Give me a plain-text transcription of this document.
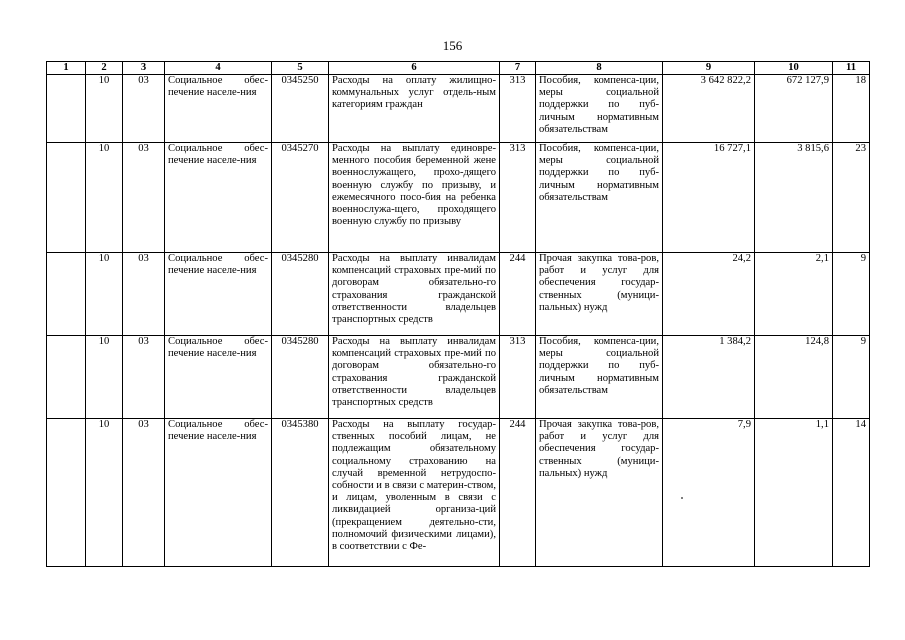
156
1	2	3	4	5	6	7	8	9	10	11
	10	03	Социальное обес-печение населе-ния	0345250	Расходы на оплату жилищно-коммунальных услуг отдель-ным категориям граждан	313	Пособия, компенса-ции, меры социальной поддержки по пуб-личным нормативным обязательствам	3 642 822,2	672 127,9	18

	10	03	Социальное обес-печение населе-ния	0345270	Расходы на выплату единовре-менного пособия беременной жене военнослужащего, прохо-дящего военную службу по призыву, и ежемесячного посо-бия на ребенка военнослужа-щего, проходящего военную службу по призыву	313	Пособия, компенса-ции, меры социальной поддержки по пуб-личным нормативным обязательствам	16 727,1	3 815,6	23

	10	03	Социальное обес-печение населе-ния	0345280	Расходы на выплату инвалидам компенсаций страховых пре-мий по договорам обязательно-го страхования гражданской ответственности владельцев транспортных средств	244	Прочая закупка това-ров, работ и услуг для обеспечения государ-ственных (муници-пальных) нужд	24,2	2,1	9

	10	03	Социальное обес-печение населе-ния	0345280	Расходы на выплату инвалидам компенсаций страховых пре-мий по договорам обязательно-го страхования гражданской ответственности владельцев транспортных средств	313	Пособия, компенса-ции, меры социальной поддержки по пуб-личным нормативным обязательствам	1 384,2	124,8	9

	10	03	Социальное обес-печение населе-ния	0345380	Расходы на выплату государ-ственных пособий лицам, не подлежащим обязательному социальному страхованию на случай временной нетрудоспо-собности и в связи с материн-ством, и лицам, уволенным в связи с ликвидацией организа-ций (прекращением деятельно-сти, полномочий физическими лицами), в соответствии с Фе-	244	Прочая закупка това-ров, работ и услуг для обеспечения государ-ственных (муници-пальных) нужд	7,9	1,1	14
